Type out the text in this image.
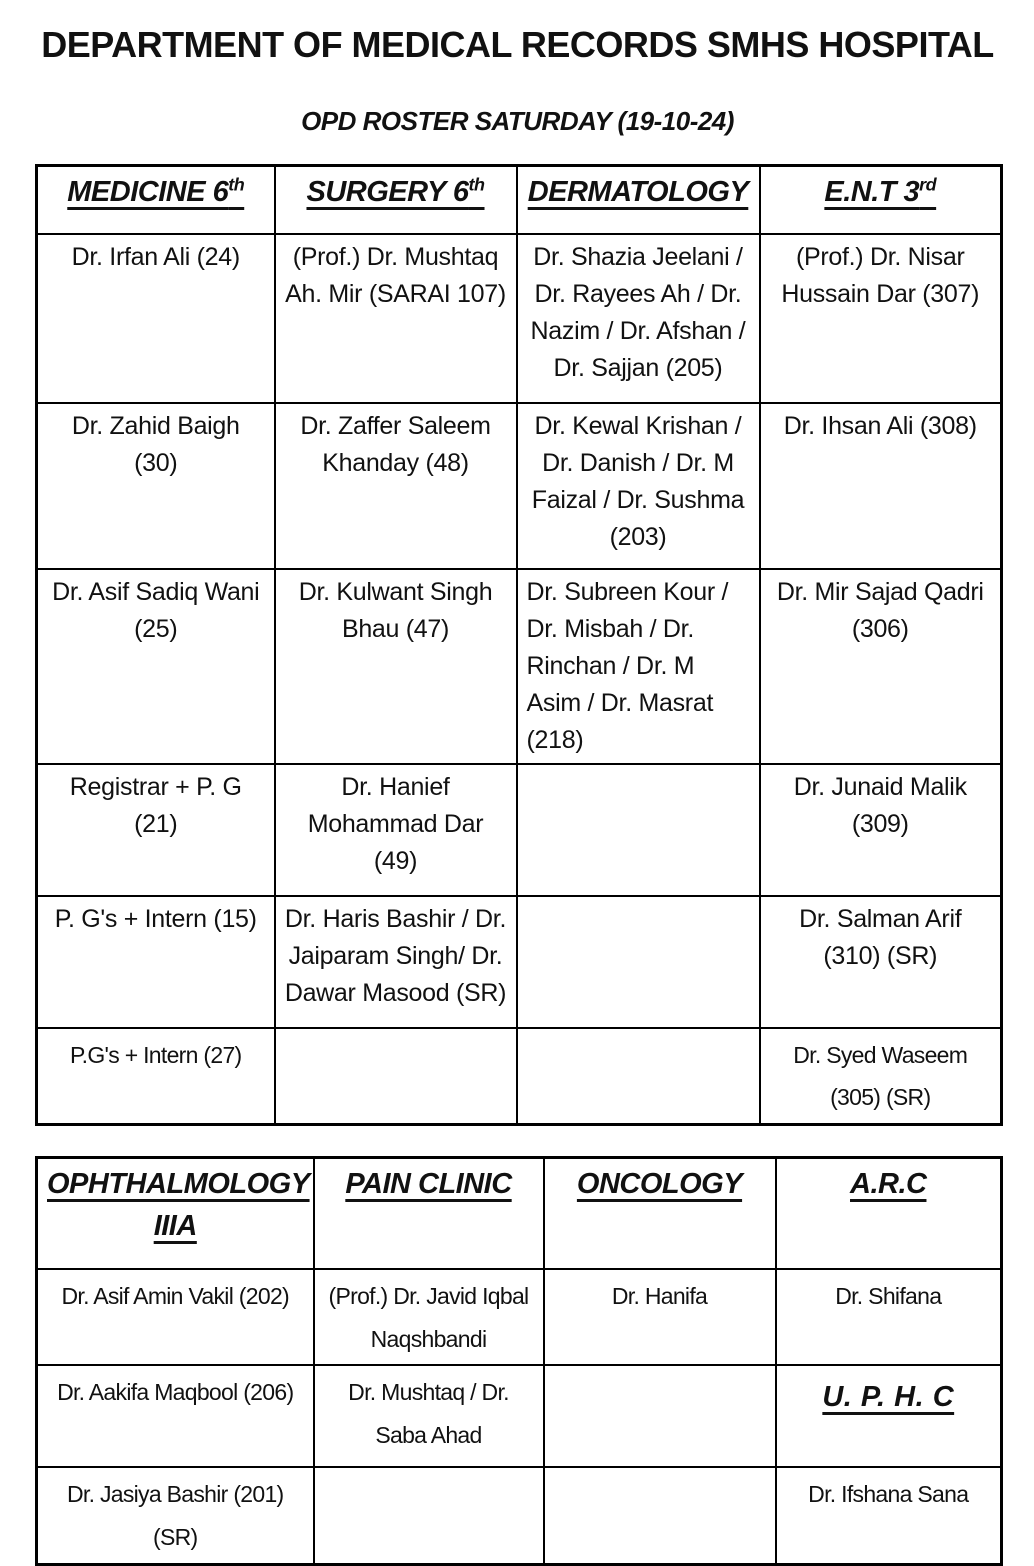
DEPARTMENT OF MEDICAL RECORDS SMHS HOSPITAL
OPD ROSTER SATURDAY (19-10-24)
MEDICINE 6th	SURGERY 6th	DERMATOLOGY	E.N.T 3rd
Dr. Irfan Ali (24)	(Prof.) Dr. Mushtaq Ah. Mir (SARAI 107)	Dr. Shazia Jeelani / Dr. Rayees Ah / Dr. Nazim / Dr. Afshan / Dr. Sajjan (205)	(Prof.) Dr. Nisar Hussain Dar (307)
Dr. Zahid Baigh (30)	Dr. Zaffer Saleem Khanday (48)	Dr. Kewal Krishan / Dr. Danish / Dr. M Faizal / Dr. Sushma (203)	Dr. Ihsan Ali (308)
Dr. Asif Sadiq Wani (25)	Dr. Kulwant Singh Bhau (47)	Dr. Subreen Kour / Dr. Misbah / Dr. Rinchan / Dr. M Asim / Dr. Masrat (218)	Dr. Mir Sajad Qadri (306)
Registrar + P. G (21)	Dr. Hanief Mohammad Dar (49)		Dr. Junaid Malik (309)
P. G's + Intern (15)	Dr. Haris Bashir / Dr. Jaiparam Singh/ Dr. Dawar Masood (SR)		Dr. Salman Arif (310) (SR)
P.G's + Intern (27)			Dr. Syed Waseem (305) (SR)
OPHTHALMOLOGY IIIA	PAIN CLINIC	ONCOLOGY	A.R.C
Dr. Asif Amin Vakil (202)	(Prof.) Dr. Javid Iqbal Naqshbandi	Dr. Hanifa	Dr. Shifana
Dr. Aakifa Maqbool (206)	Dr. Mushtaq / Dr. Saba Ahad		U. P. H. C
Dr. Jasiya Bashir (201) (SR)			Dr. Ifshana Sana
